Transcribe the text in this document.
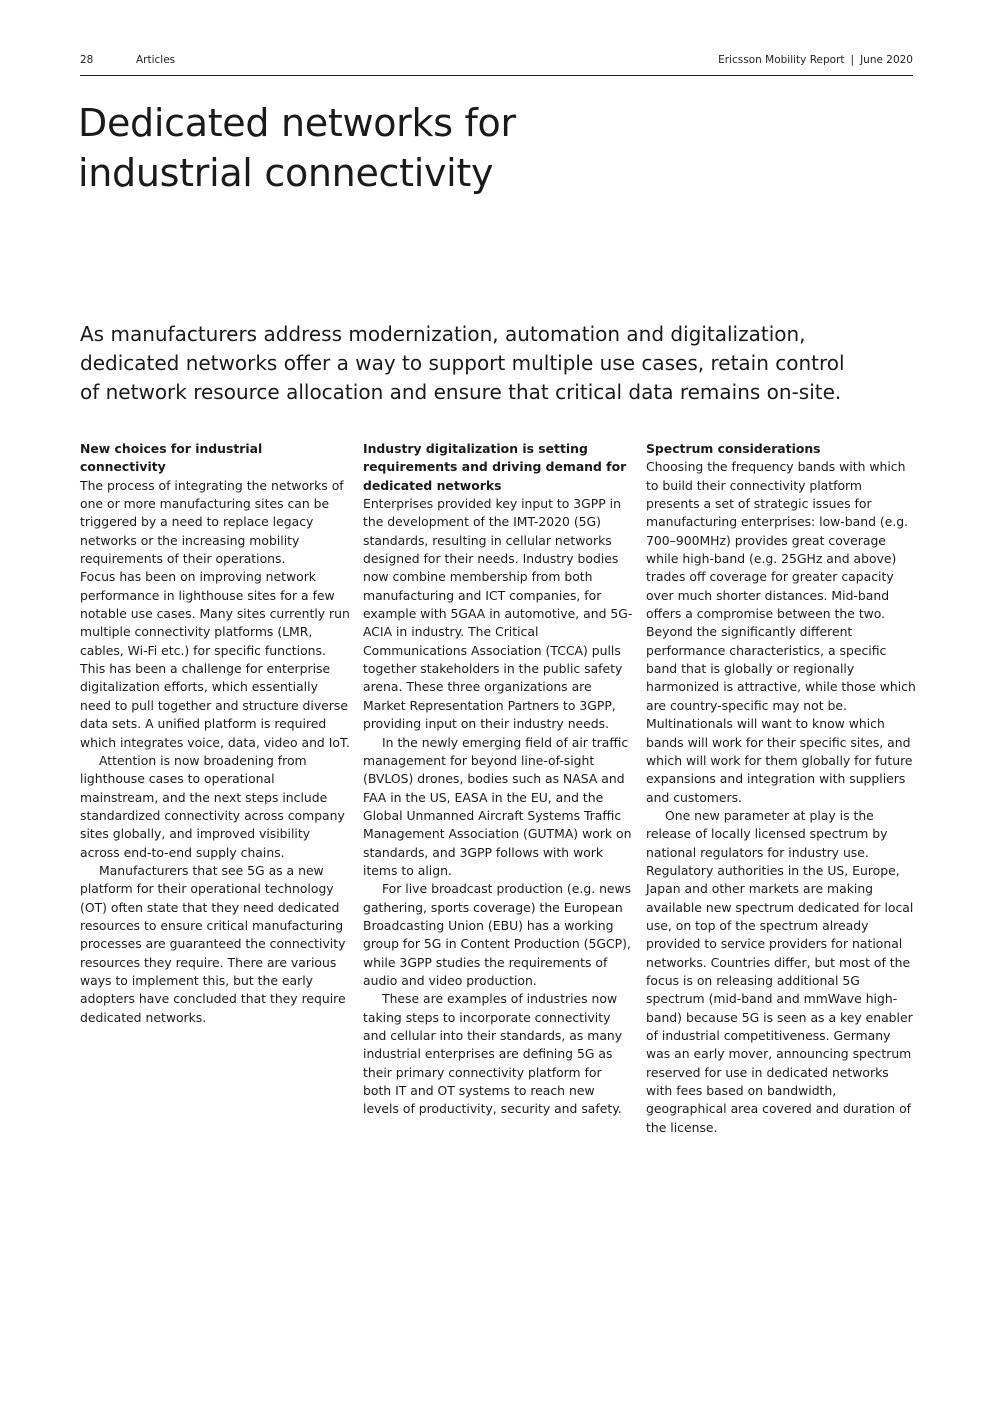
28	Articles	Ericsson Mobility Report | June 2020
Dedicated networks for
industrial connectivity

As manufacturers address modernization, automation and digitalization,
dedicated networks offer a way to support multiple use cases, retain control
of network resource allocation and ensure that critical data remains on-site.

New choices for industrial connectivity

The process of integrating the networks of one or more manufacturing sites can be triggered by a need to replace legacy networks or the increasing mobility requirements of their operations.

Focus has been on improving network performance in lighthouse sites for a few notable use cases. Many sites currently run multiple connectivity platforms (LMR, cables, Wi-Fi etc.) for specific functions. This has been a challenge for enterprise digitalization efforts, which essentially need to pull together and structure diverse data sets. A unified platform is required which integrates voice, data, video and IoT.

Attention is now broadening from lighthouse cases to operational mainstream, and the next steps include standardized connectivity across company sites globally, and improved visibility across end-to-end supply chains.

Manufacturers that see 5G as a new platform for their operational technology (OT) often state that they need dedicated resources to ensure critical manufacturing processes are guaranteed the connectivity resources they require. There are various ways to implement this, but the early adopters have concluded that they require dedicated networks.

Industry digitalization is setting
requirements and driving demand for
dedicated networks

Enterprises provided key input to 3GPP in the development of the IMT-2020 (5G) standards, resulting in cellular networks designed for their needs. Industry bodies now combine membership from both manufacturing and ICT companies, for example with 5GAA in automotive, and 5G-ACIA in industry. The Critical Communications Association (TCCA) pulls together stakeholders in the public safety arena. These three organizations are Market Representation Partners to 3GPP, providing input on their industry needs.

In the newly emerging field of air traffic management for beyond line-of-sight (BVLOS) drones, bodies such as NASA and FAA in the US, EASA in the EU, and the Global Unmanned Aircraft Systems Traffic Management Association (GUTMA) work on standards, and 3GPP follows with work items to align.

For live broadcast production (e.g. news gathering, sports coverage) the European Broadcasting Union (EBU) has a working group for 5G in Content Production (5GCP), while 3GPP studies the requirements of audio and video production.

These are examples of industries now taking steps to incorporate connectivity and cellular into their standards, as many industrial enterprises are defining 5G as their primary connectivity platform for both IT and OT systems to reach new levels of productivity, security and safety.

Spectrum considerations

Choosing the frequency bands with which to build their connectivity platform presents a set of strategic issues for manufacturing enterprises: low-band (e.g. 700–900MHz) provides great coverage while high-band (e.g. 25GHz and above) trades off coverage for greater capacity over much shorter distances. Mid-band offers a compromise between the two. Beyond the significantly different performance characteristics, a specific band that is globally or regionally harmonized is attractive, while those which are country-specific may not be.

Multinationals will want to know which bands will work for their specific sites, and which will work for them globally for future expansions and integration with suppliers and customers.

One new parameter at play is the release of locally licensed spectrum by national regulators for industry use. Regulatory authorities in the US, Europe, Japan and other markets are making available new spectrum dedicated for local use, on top of the spectrum already provided to service providers for national networks. Countries differ, but most of the focus is on releasing additional 5G spectrum (mid-band and mmWave high-band) because 5G is seen as a key enabler of industrial competitiveness. Germany was an early mover, announcing spectrum reserved for use in dedicated networks with fees based on bandwidth, geographical area covered and duration of the license.
